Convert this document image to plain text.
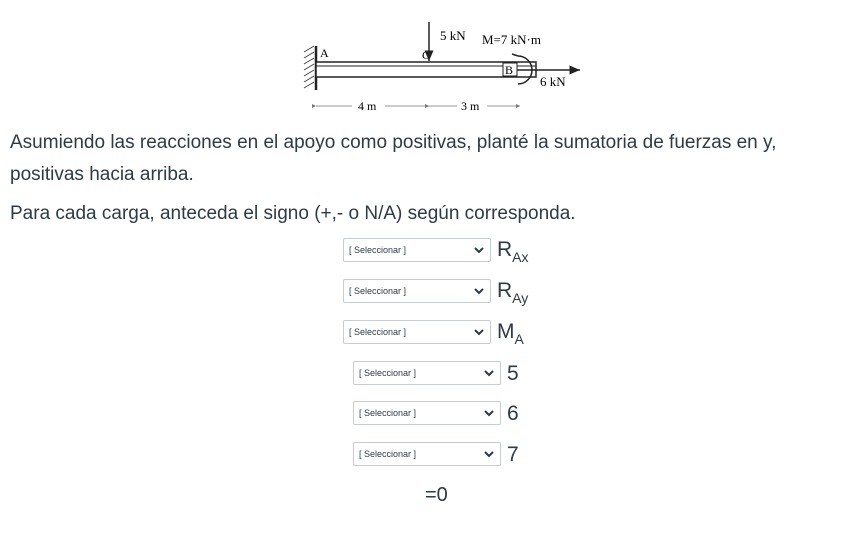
A	C
B
5 kN M=7 kN·m
6 kN
4 m	3 m

Asumiendo las reacciones en el apoyo como positivas, planté la sumatoria de fuerzas en y,

positivas hacia arriba.

Para cada carga, anteceda el signo (+,- o N/A) según corresponda.

[ Seleccionar ]	$R_{Ax}$
[ Seleccionar ]	$R_{Ay}$
[ Seleccionar ]	$M_A$
[ Seleccionar ]	5
[ Seleccionar ]	6
[ Seleccionar ]	7
=0
